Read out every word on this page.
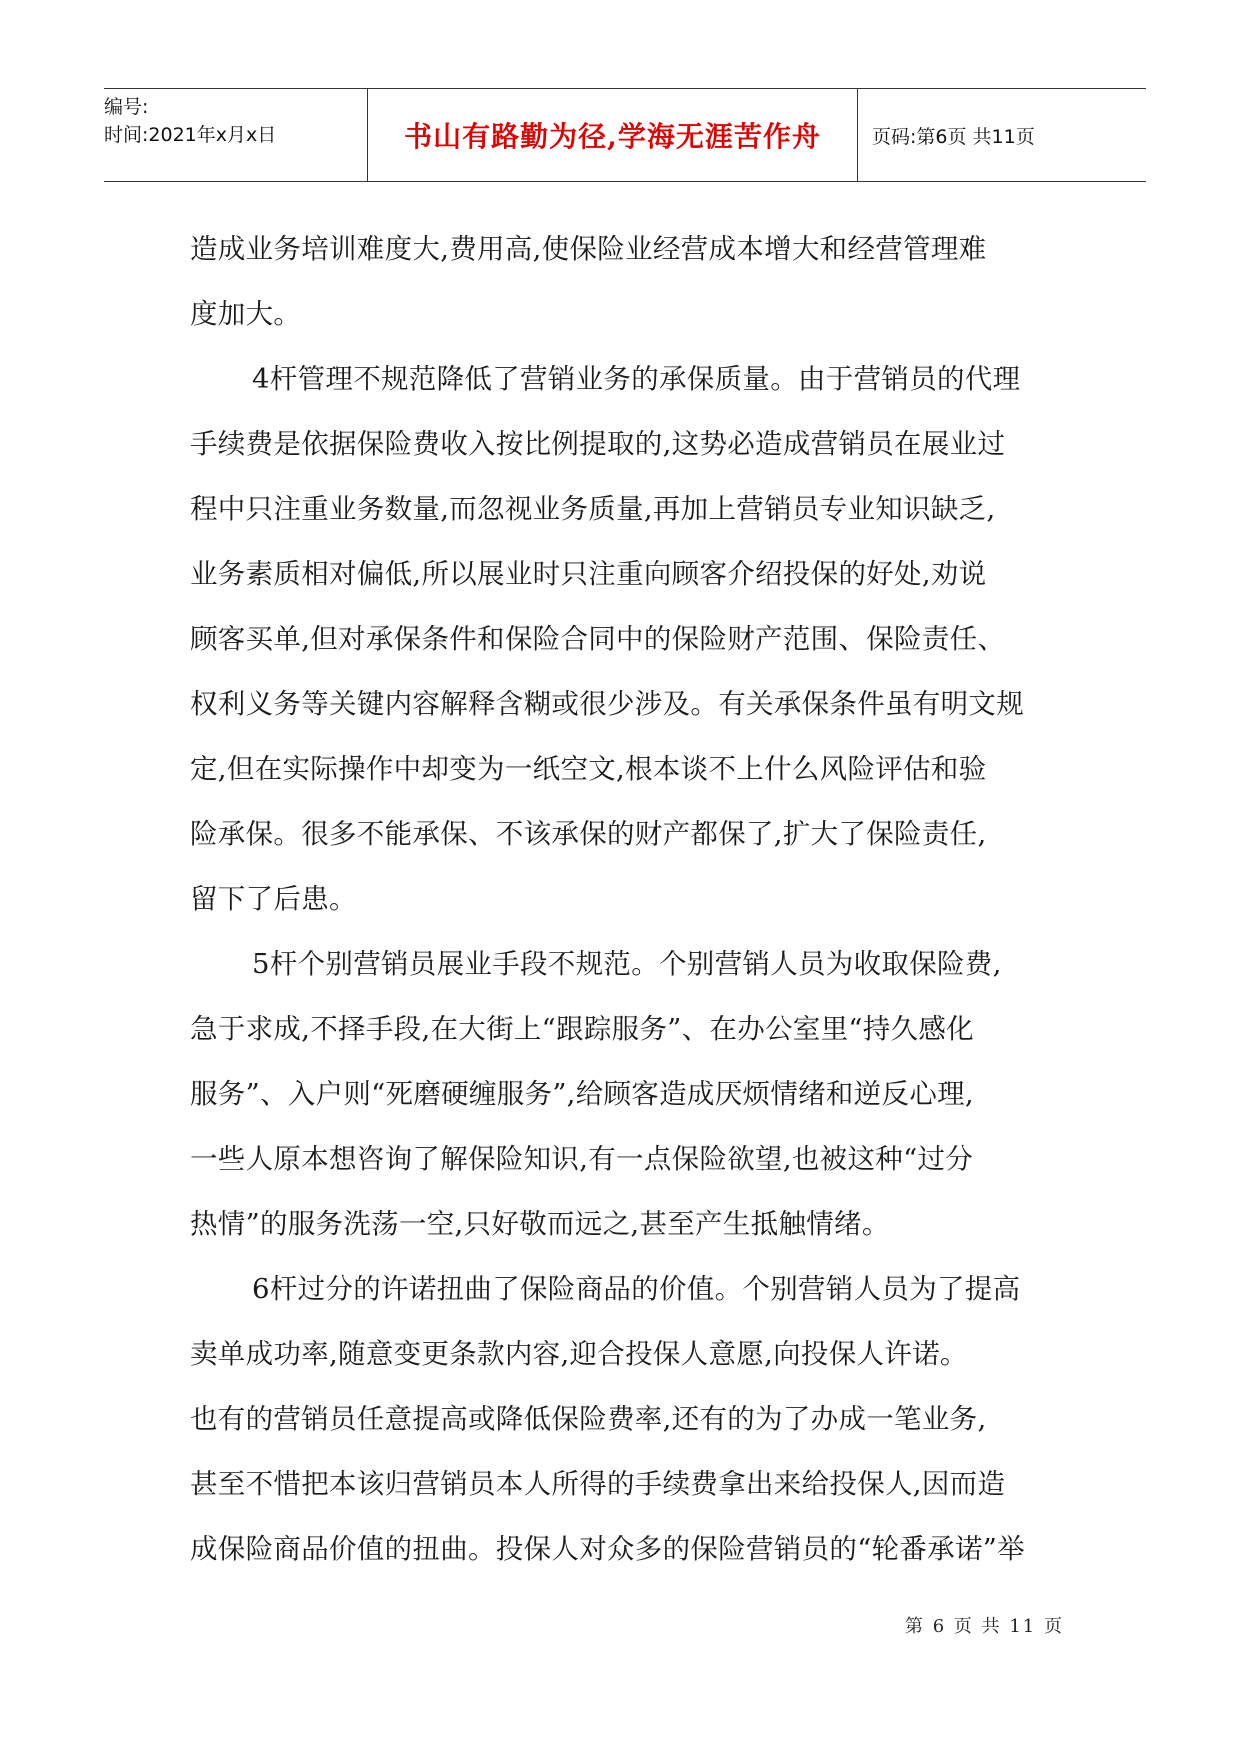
编号:
时间:2021年x月x日	书山有路勤为径,学海无涯苦作舟	页码:第6页 共11页
造成业务培训难度大,费用高,使保险业经营成本增大和经营管理难
度加大。
4杆管理不规范降低了营销业务的承保质量。由于营销员的代理
手续费是依据保险费收入按比例提取的,这势必造成营销员在展业过
程中只注重业务数量,而忽视业务质量,再加上营销员专业知识缺乏,
业务素质相对偏低,所以展业时只注重向顾客介绍投保的好处,劝说
顾客买单,但对承保条件和保险合同中的保险财产范围、保险责任、
权利义务等关键内容解释含糊或很少涉及。有关承保条件虽有明文规
定,但在实际操作中却变为一纸空文,根本谈不上什么风险评估和验
险承保。很多不能承保、不该承保的财产都保了,扩大了保险责任,
留下了后患。
5杆个别营销员展业手段不规范。个别营销人员为收取保险费,
急于求成,不择手段,在大街上“跟踪服务”、在办公室里“持久感化
服务”、入户则“死磨硬缠服务”,给顾客造成厌烦情绪和逆反心理,
一些人原本想咨询了解保险知识,有一点保险欲望,也被这种“过分
热情”的服务洗荡一空,只好敬而远之,甚至产生抵触情绪。
6杆过分的许诺扭曲了保险商品的价值。个别营销人员为了提高
卖单成功率,随意变更条款内容,迎合投保人意愿,向投保人许诺。
也有的营销员任意提高或降低保险费率,还有的为了办成一笔业务,
甚至不惜把本该归营销员本人所得的手续费拿出来给投保人,因而造
成保险商品价值的扭曲。投保人对众多的保险营销员的“轮番承诺”举
第 6 页 共 11 页
